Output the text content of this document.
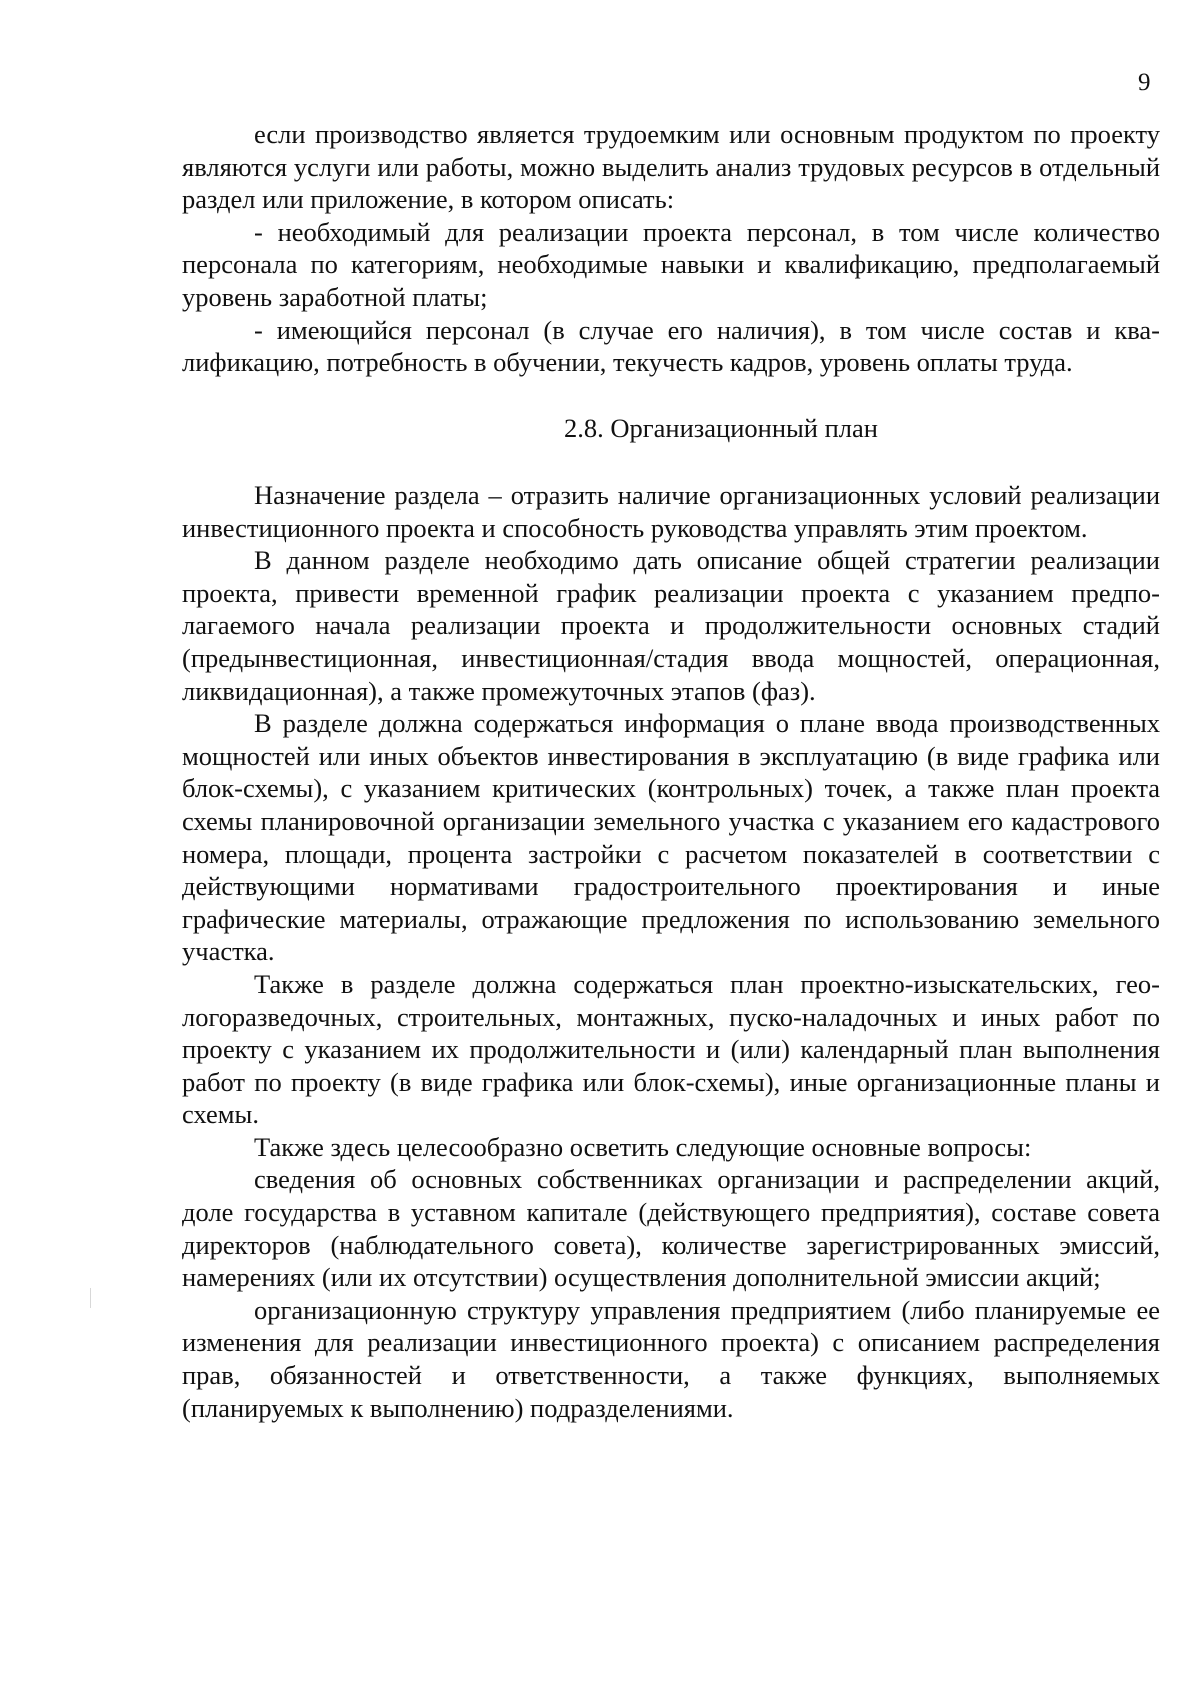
9

если производство является трудоемким или основным продуктом по проекту являются услуги или работы, можно выделить анализ трудовых ресурсов в отдельный раздел или приложение, в котором описать:

- необходимый для реализации проекта персонал, в том числе количество персонала по категориям, необходимые навыки и квалификацию, предполагаемый уровень заработной платы;

- имеющийся персонал (в случае его наличия), в том числе состав и квалификацию, потребность в обучении, текучесть кадров, уровень оплаты труда.

2.8. Организационный план

Назначение раздела – отразить наличие организационных условий реализации инвестиционного проекта и способность руководства управлять этим проектом.

В данном разделе необходимо дать описание общей стратегии реализации проекта, привести временной график реализации проекта с указанием предполагаемого начала реализации проекта и продолжительности основных стадий (предынвестиционная, инвестиционная/стадия ввода мощностей, операционная, ликвидационная), а также промежуточных этапов (фаз).

В разделе должна содержаться информация о плане ввода производственных мощностей или иных объектов инвестирования в эксплуатацию (в виде графика или блок-схемы), с указанием критических (контрольных) точек, а также план проекта схемы планировочной организации земельного участка с указанием его кадастрового номера, площади, процента застройки с расчетом показателей в соответствии с действующими нормативами градостроительного проектирования и иные графические материалы, отражающие предложения по использованию земельного участка.

Также в разделе должна содержаться план проектно-изыскательских, геологоразведочных, строительных, монтажных, пуско-наладочных и иных работ по проекту с указанием их продолжительности и (или) календарный план выполнения работ по проекту (в виде графика или блок-схемы), иные организационные планы и схемы.

Также здесь целесообразно осветить следующие основные вопросы:

сведения об основных собственниках организации и распределении акций, доле государства в уставном капитале (действующего предприятия), составе совета директоров (наблюдательного совета), количестве зарегистрированных эмиссий, намерениях (или их отсутствии) осуществления дополнительной эмиссии акций;

организационную структуру управления предприятием (либо планируемые ее изменения для реализации инвестиционного проекта) с описанием распределения прав, обязанностей и ответственности, а также функциях, выполняемых (планируемых к выполнению) подразделениями.
